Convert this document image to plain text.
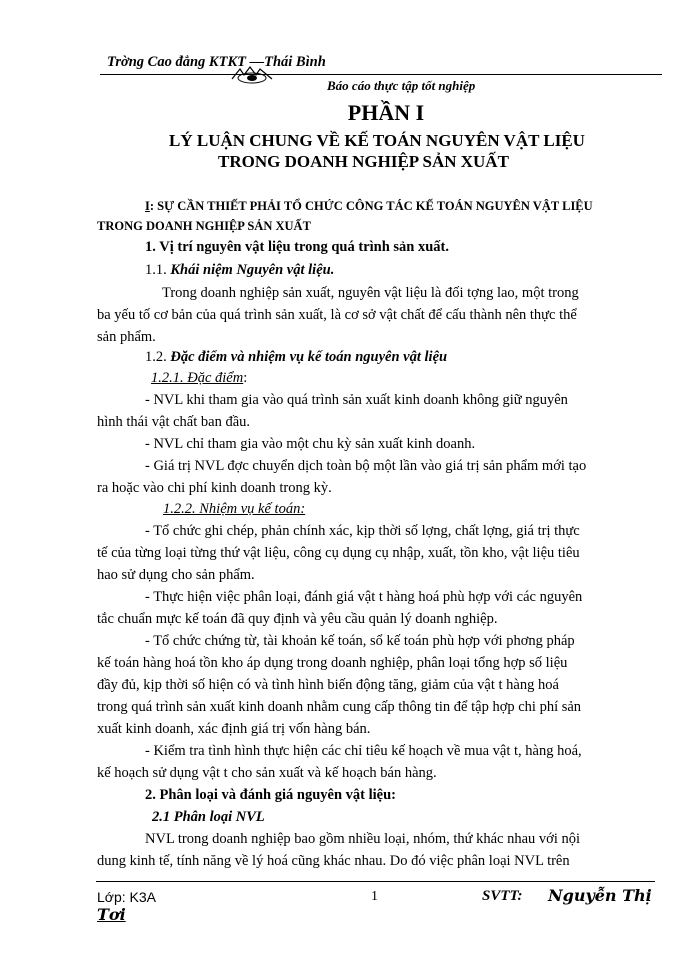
Trờng Cao đẳng KTKT —Thái Bình
Báo cáo thực tập tốt nghiệp
PHẦN I
LÝ LUẬN CHUNG VỀ KẾ TOÁN NGUYÊN VẬT LIỆU
TRONG DOANH NGHIỆP SẢN XUẤT
I: SỰ CẦN THIẾT PHẢI TỔ CHỨC CÔNG TÁC KẾ TOÁN NGUYÊN VẬT LIỆU
TRONG DOANH NGHIỆP SẢN XUẤT
1. Vị trí nguyên vật liệu trong quá trình sản xuất.
1.1. Khái niệm Nguyên vật liệu.
Trong doanh nghiệp sản xuất, nguyên vật liệu là đối tợng lao, một trong
ba yếu tố cơ bản của quá trình sản xuất, là cơ sở vật chất để cấu thành nên thực thể
sản phẩm.
1.2. Đặc điểm và nhiệm vụ kế toán nguyên vật liệu
1.2.1. Đặc điểm:
- NVL khi tham gia vào quá trình sản xuất kinh doanh không giữ nguyên
hình thái vật chất ban đầu.
- NVL chỉ tham gia vào một chu kỳ sản xuất kinh doanh.
- Giá trị NVL đợc chuyển dịch toàn bộ một lần vào giá trị sản phẩm mới tạo
ra hoặc vào chi phí kinh doanh trong kỳ.
1.2.2. Nhiệm vụ kế toán:
- Tổ chức ghi chép, phản chính xác, kịp thời số lợng, chất lợng, giá trị thực
tế của từng loại từng thứ vật liệu, công cụ dụng cụ nhập, xuất, tồn kho, vật liệu tiêu
hao sử dụng cho sản phẩm.
- Thực hiện việc phân loại, đánh giá vật t hàng hoá phù hợp với các nguyên
tắc chuẩn mực kế toán đã quy định và yêu cầu quản lý doanh nghiệp.
- Tổ chức chứng từ, tài khoản kế toán, sổ kế toán phù hợp với phơng pháp
kế toán hàng hoá tồn kho áp dụng trong doanh nghiệp, phân loại tổng hợp số liệu
đầy đủ, kịp thời số hiện có và tình hình biến động tăng, giảm của vật t hàng hoá
trong quá trình sản xuất kinh doanh nhằm cung cấp thông tin để tập hợp chi phí sản
xuất kinh doanh, xác định giá trị vốn hàng bán.
- Kiểm tra tình hình thực hiện các chỉ tiêu kế hoạch về mua vật t, hàng hoá,
kế hoạch sử dụng vật t cho sản xuất và kế hoạch bán hàng.
2. Phân loại và đánh giá nguyên vật liệu:
2.1 Phân loại NVL
NVL trong doanh nghiệp bao gồm nhiều loại, nhóm, thứ khác nhau với nội
dung kinh tế, tính năng về lý hoá cũng khác nhau. Do đó việc phân loại NVL trên
Lớp: K3A	1	SVTT: Nguyễn Thị
Tơi
